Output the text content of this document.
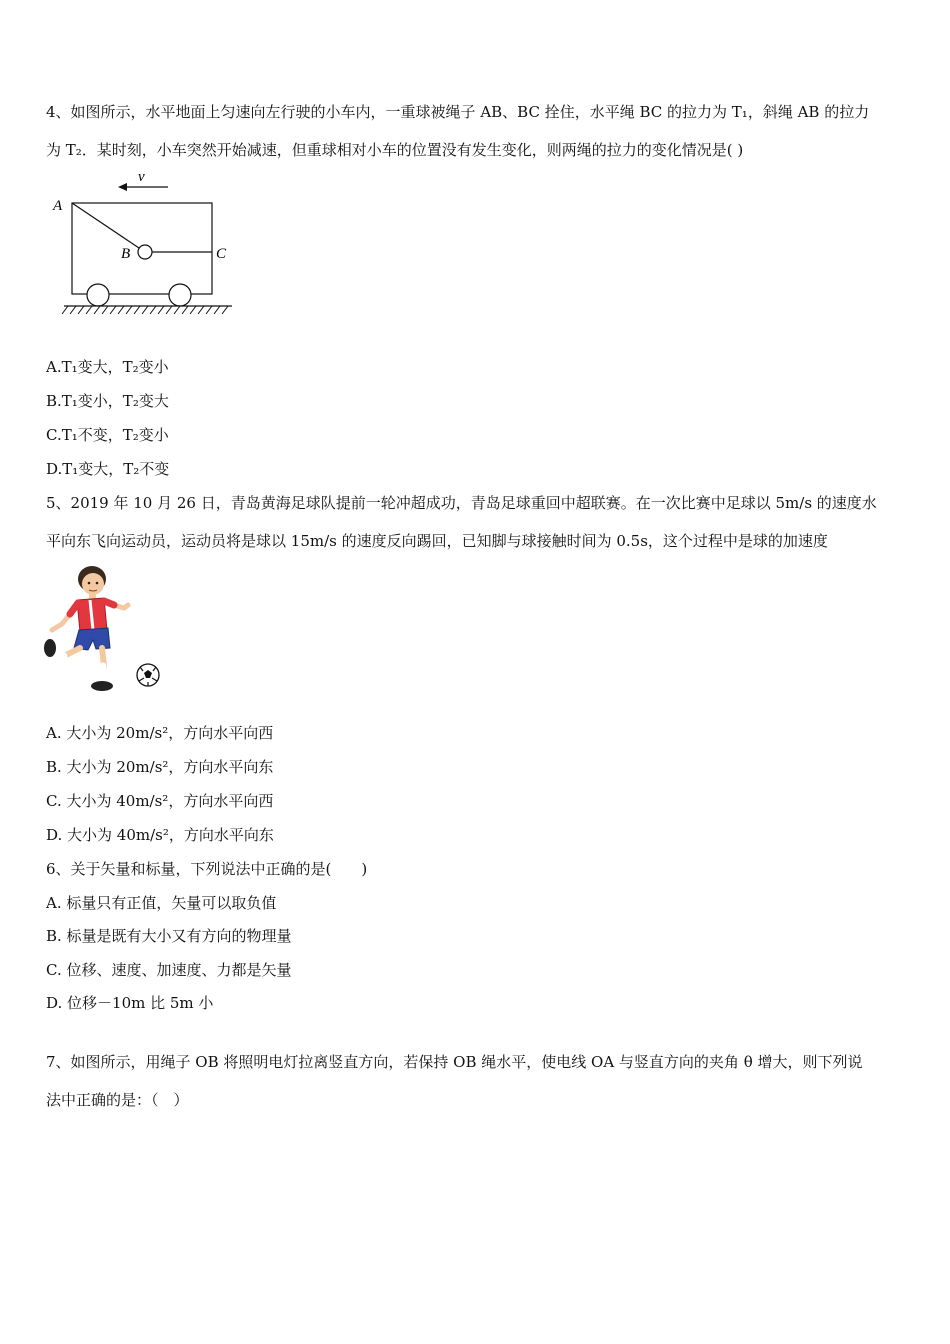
4、如图所示，水平地面上匀速向左行驶的小车内，一重球被绳子 AB、BC 拴住，水平绳 BC 的拉力为 T₁，斜绳 AB 的拉力
为 T₂．某时刻，小车突然开始减速，但重球相对小车的位置没有发生变化，则两绳的拉力的变化情况是( )
v
A
B	C
A.T₁变大，T₂变小
B.T₁变小，T₂变大
C.T₁不变，T₂变小
D.T₁变大，T₂不变
5、2019 年 10 月 26 日，青岛黄海足球队提前一轮冲超成功，青岛足球重回中超联赛。在一次比赛中足球以 5m/s 的速度水
平向东飞向运动员，运动员将是球以 15m/s 的速度反向踢回，已知脚与球接触时间为 0.5s，这个过程中是球的加速度
A. 大小为 20m/s²，方向水平向西
B. 大小为 20m/s²，方向水平向东
C. 大小为 40m/s²，方向水平向西
D. 大小为 40m/s²，方向水平向东
6、关于矢量和标量，下列说法中正确的是(　　)
A. 标量只有正值，矢量可以取负值
B. 标量是既有大小又有方向的物理量
C. 位移、速度、加速度、力都是矢量
D. 位移－10m 比 5m 小
7、如图所示，用绳子 OB 将照明电灯拉离竖直方向，若保持 OB 绳水平，使电线 OA 与竖直方向的夹角 θ 增大，则下列说
法中正确的是：（　）
